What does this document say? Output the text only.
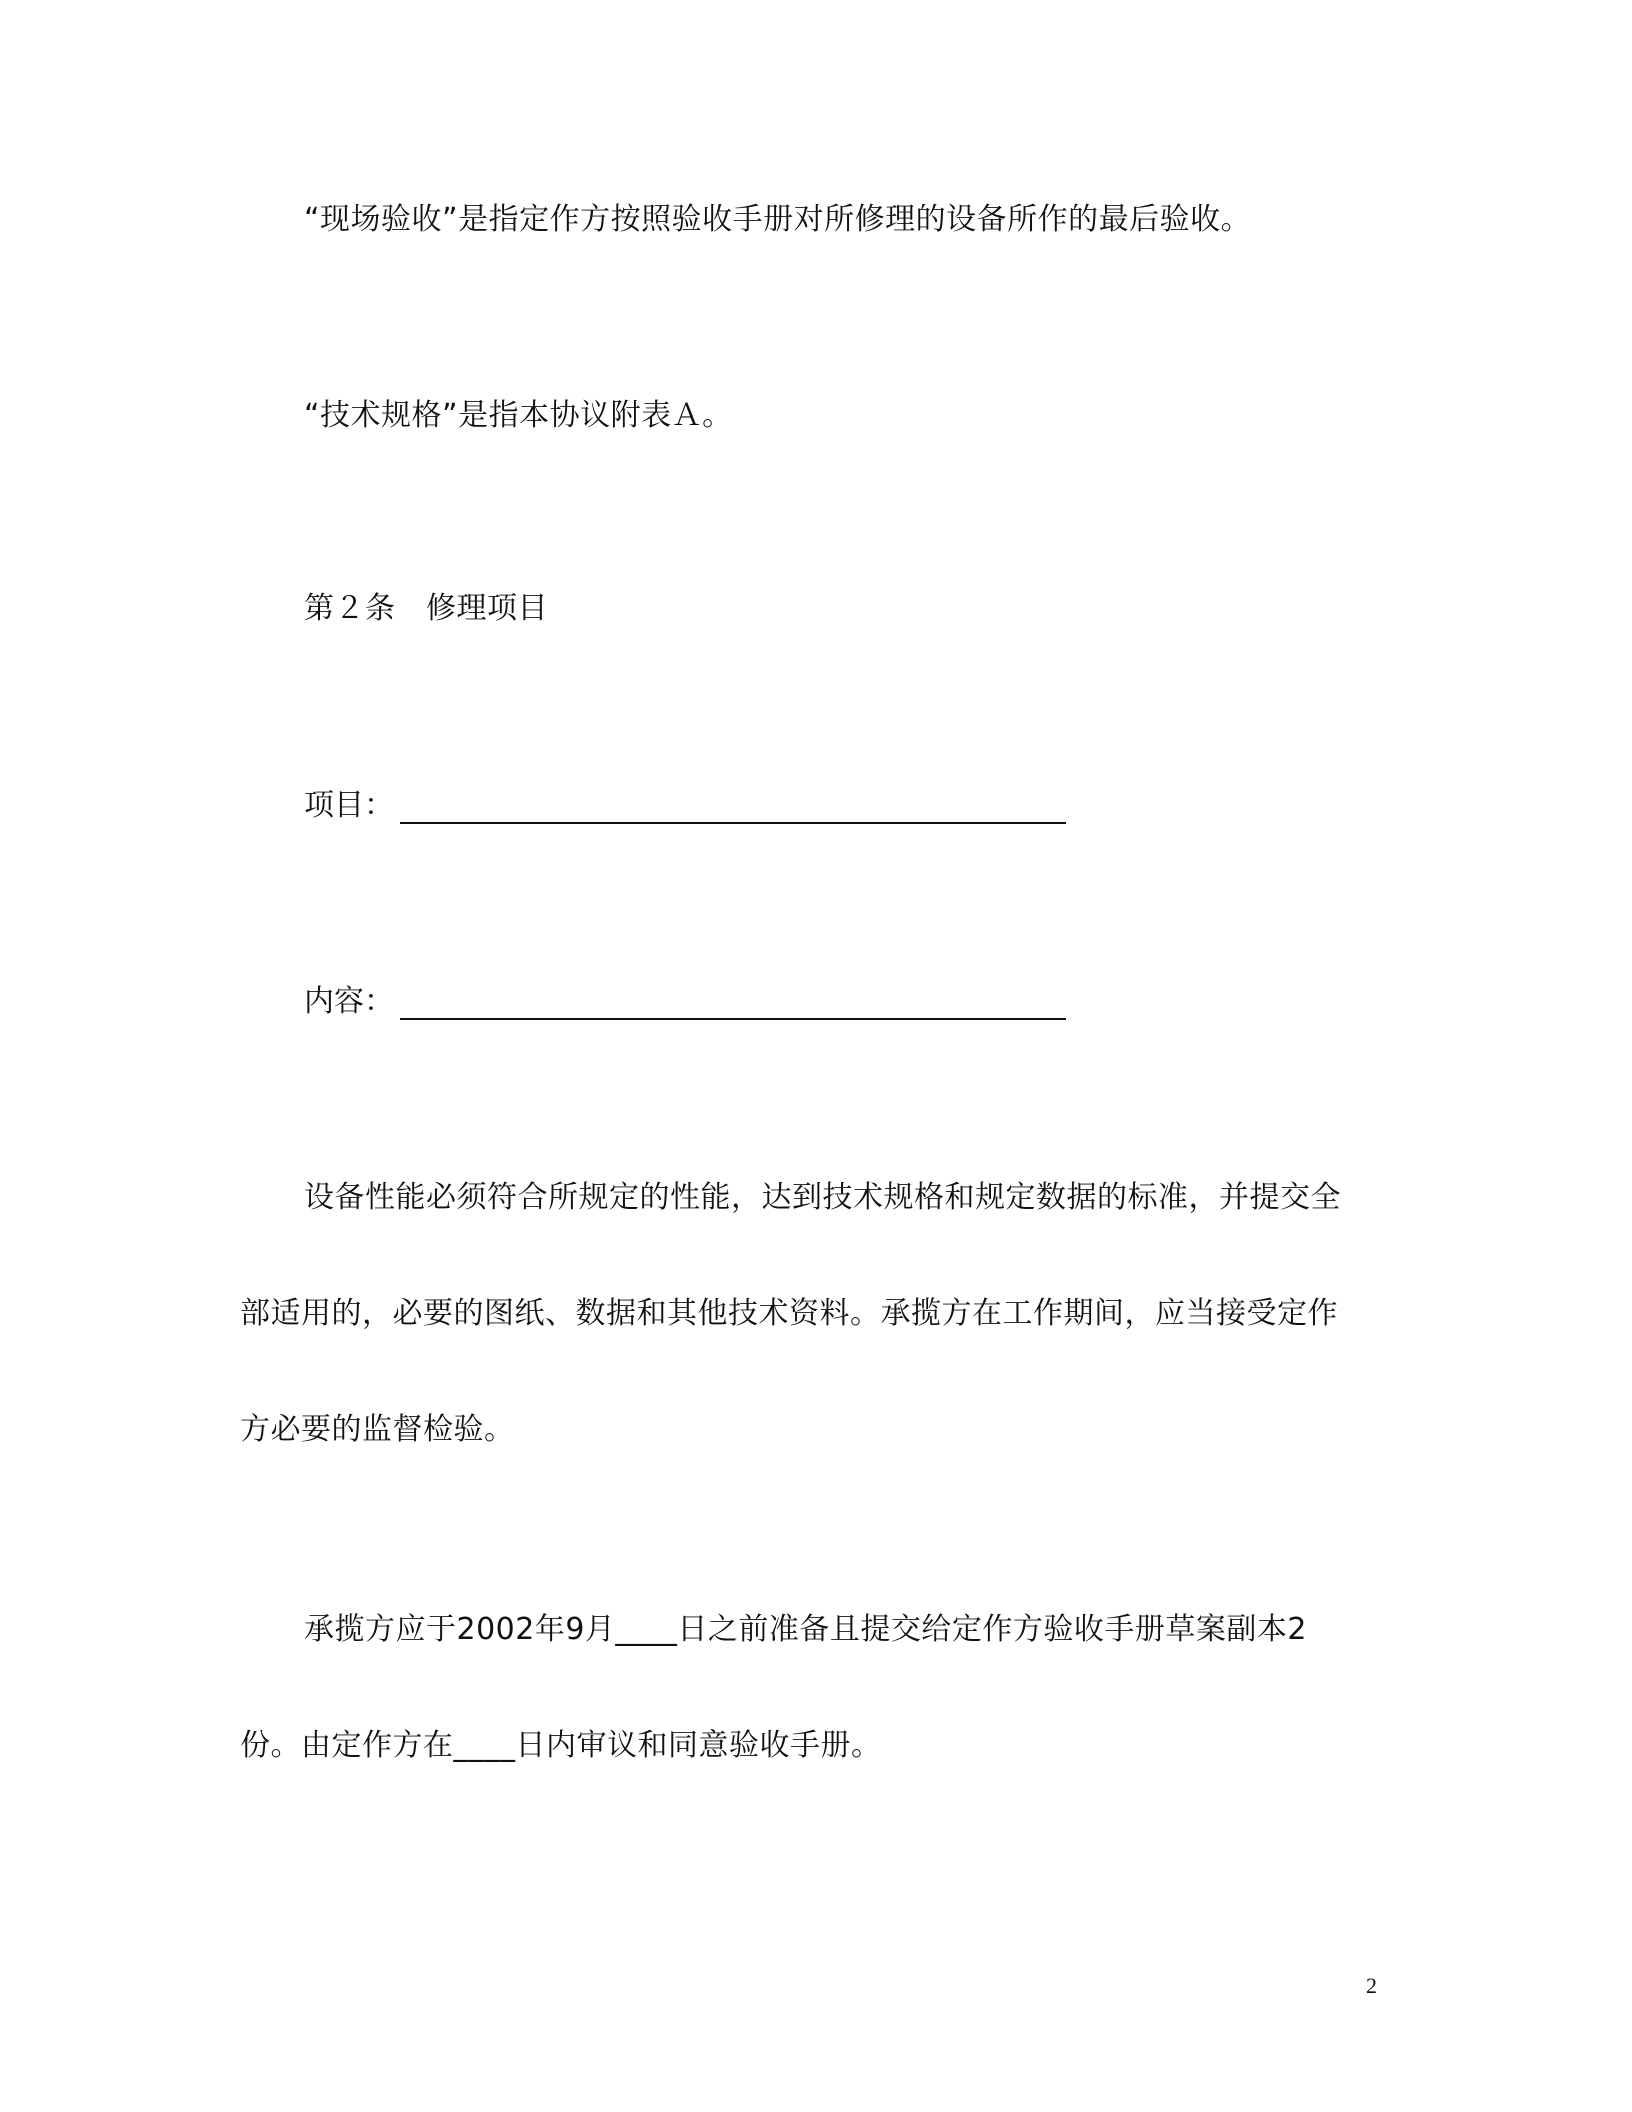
“现场验收”是指定作方按照验收手册对所修理的设备所作的最后验收。
“技术规格”是指本协议附表Ａ。
第２条　修理项目
项目：
内容：
设备性能必须符合所规定的性能，达到技术规格和规定数据的标准，并提交全
部适用的，必要的图纸、数据和其他技术资料。承揽方在工作期间，应当接受定作
方必要的监督检验。
承揽方应于2002年9月____日之前准备且提交给定作方验收手册草案副本2
份。由定作方在____日内审议和同意验收手册。
2
